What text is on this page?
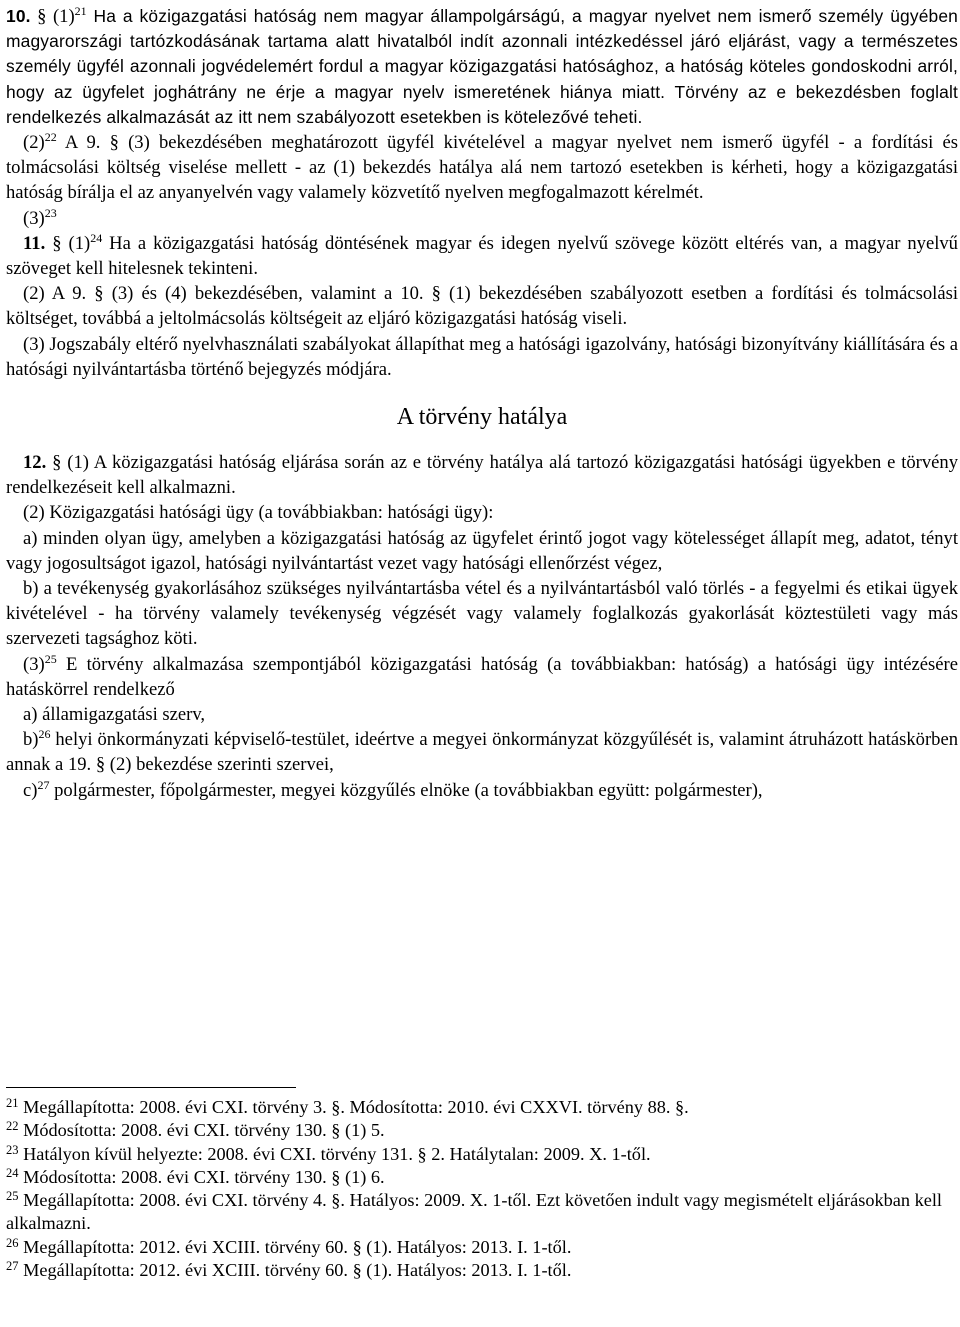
10. § $(1)^{21}$ Ha a közigazgatási hatóság nem magyar állampolgárságú, a magyar nyelvet nem ismerő személy ügyében magyarországi tartózkodásának tartama alatt hivatalból indít azonnali intézkedéssel járó eljárást, vagy a természetes személy ügyfél azonnali jogvédelemért fordul a magyar közigazgatási hatósághoz, a hatóság köteles gondoskodni arról, hogy az ügyfelet joghátrány ne érje a magyar nyelv ismeretének hiánya miatt. Törvény az e bekezdésben foglalt rendelkezés alkalmazását az itt nem szabályozott esetekben is kötelezővé teheti.

$(2)^{22}$ A 9. § (3) bekezdésében meghatározott ügyfél kivételével a magyar nyelvet nem ismerő ügyfél - a fordítási és tolmácsolási költség viselése mellett - az (1) bekezdés hatálya alá nem tartozó esetekben is kérheti, hogy a közigazgatási hatóság bírálja el az anyanyelvén vagy valamely közvetítő nyelven megfogalmazott kérelmét.

$(3)^{23}$

11. § $(1)^{24}$ Ha a közigazgatási hatóság döntésének magyar és idegen nyelvű szövege között eltérés van, a magyar nyelvű szöveget kell hitelesnek tekinteni.

(2) A 9. § (3) és (4) bekezdésében, valamint a 10. § (1) bekezdésében szabályozott esetben a fordítási és tolmácsolási költséget, továbbá a jeltolmácsolás költségeit az eljáró közigazgatási hatóság viseli.

(3) Jogszabály eltérő nyelvhasználati szabályokat állapíthat meg a hatósági igazolvány, hatósági bizonyítvány kiállítására és a hatósági nyilvántartásba történő bejegyzés módjára.

A törvény hatálya

12. § (1) A közigazgatási hatóság eljárása során az e törvény hatálya alá tartozó közigazgatási hatósági ügyekben e törvény rendelkezéseit kell alkalmazni.

(2) Közigazgatási hatósági ügy (a továbbiakban: hatósági ügy):

a) minden olyan ügy, amelyben a közigazgatási hatóság az ügyfelet érintő jogot vagy kötelességet állapít meg, adatot, tényt vagy jogosultságot igazol, hatósági nyilvántartást vezet vagy hatósági ellenőrzést végez,

b) a tevékenység gyakorlásához szükséges nyilvántartásba vétel és a nyilvántartásból való törlés - a fegyelmi és etikai ügyek kivételével - ha törvény valamely tevékenység végzését vagy valamely foglalkozás gyakorlását köztestületi vagy más szervezeti tagsághoz köti.

$(3)^{25}$ E törvény alkalmazása szempontjából közigazgatási hatóság (a továbbiakban: hatóság) a hatósági ügy intézésére hatáskörrel rendelkező

a) államigazgatási szerv,

b)$^{26}$ helyi önkormányzati képviselő-testület, ideértve a megyei önkormányzat közgyűlését is, valamint átruházott hatáskörben annak a 19. § (2) bekezdése szerinti szervei,

c)$^{27}$ polgármester, főpolgármester, megyei közgyűlés elnöke (a továbbiakban együtt: polgármester),

$^{21}$ Megállapította: 2008. évi CXI. törvény 3. §. Módosította: 2010. évi CXXVI. törvény 88. §.

$^{22}$ Módosította: 2008. évi CXI. törvény 130. § (1) 5.

$^{23}$ Hatályon kívül helyezte: 2008. évi CXI. törvény 131. § 2. Hatálytalan: 2009. X. 1-től.

$^{24}$ Módosította: 2008. évi CXI. törvény 130. § (1) 6.

$^{25}$ Megállapította: 2008. évi CXI. törvény 4. §. Hatályos: 2009. X. 1-től. Ezt követően indult vagy megismételt eljárásokban kell alkalmazni.

$^{26}$ Megállapította: 2012. évi XCIII. törvény 60. § (1). Hatályos: 2013. I. 1-től.

$^{27}$ Megállapította: 2012. évi XCIII. törvény 60. § (1). Hatályos: 2013. I. 1-től.
